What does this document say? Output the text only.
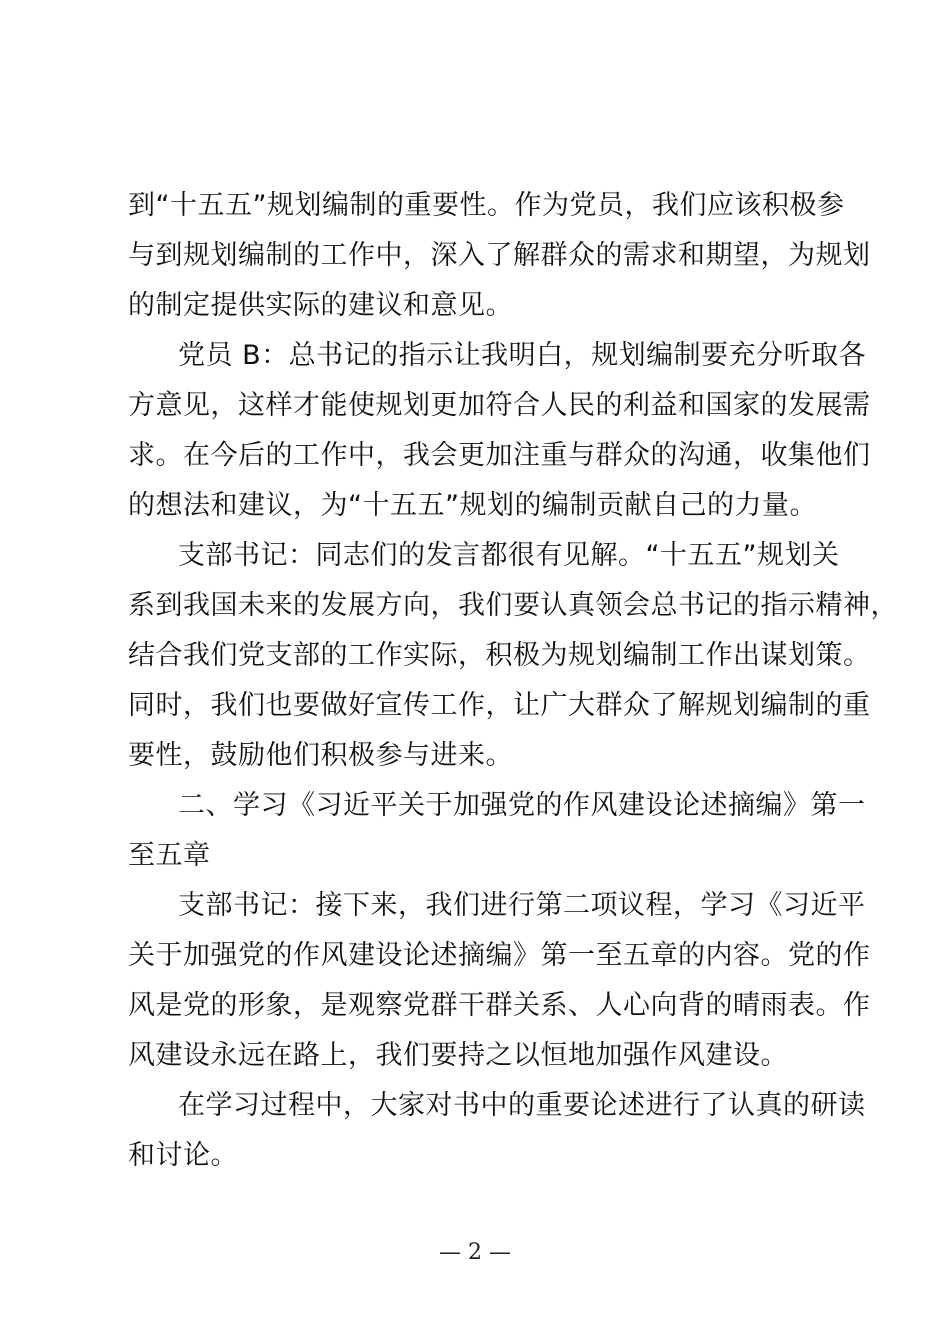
到“十五五”规划编制的重要性。作为党员，我们应该积极参
与到规划编制的工作中，深入了解群众的需求和期望，为规划
的制定提供实际的建议和意见。
党员 B：总书记的指示让我明白，规划编制要充分听取各
方意见，这样才能使规划更加符合人民的利益和国家的发展需
求。在今后的工作中，我会更加注重与群众的沟通，收集他们
的想法和建议，为“十五五”规划的编制贡献自己的力量。
支部书记：同志们的发言都很有见解。“十五五”规划关
系到我国未来的发展方向，我们要认真领会总书记的指示精神，
结合我们党支部的工作实际，积极为规划编制工作出谋划策。
同时，我们也要做好宣传工作，让广大群众了解规划编制的重
要性，鼓励他们积极参与进来。
二、学习《习近平关于加强党的作风建设论述摘编》第一
至五章
支部书记：接下来，我们进行第二项议程，学习《习近平
关于加强党的作风建设论述摘编》第一至五章的内容。党的作
风是党的形象，是观察党群干群关系、人心向背的晴雨表。作
风建设永远在路上，我们要持之以恒地加强作风建设。
在学习过程中，大家对书中的重要论述进行了认真的研读
和讨论。
— 2 —
